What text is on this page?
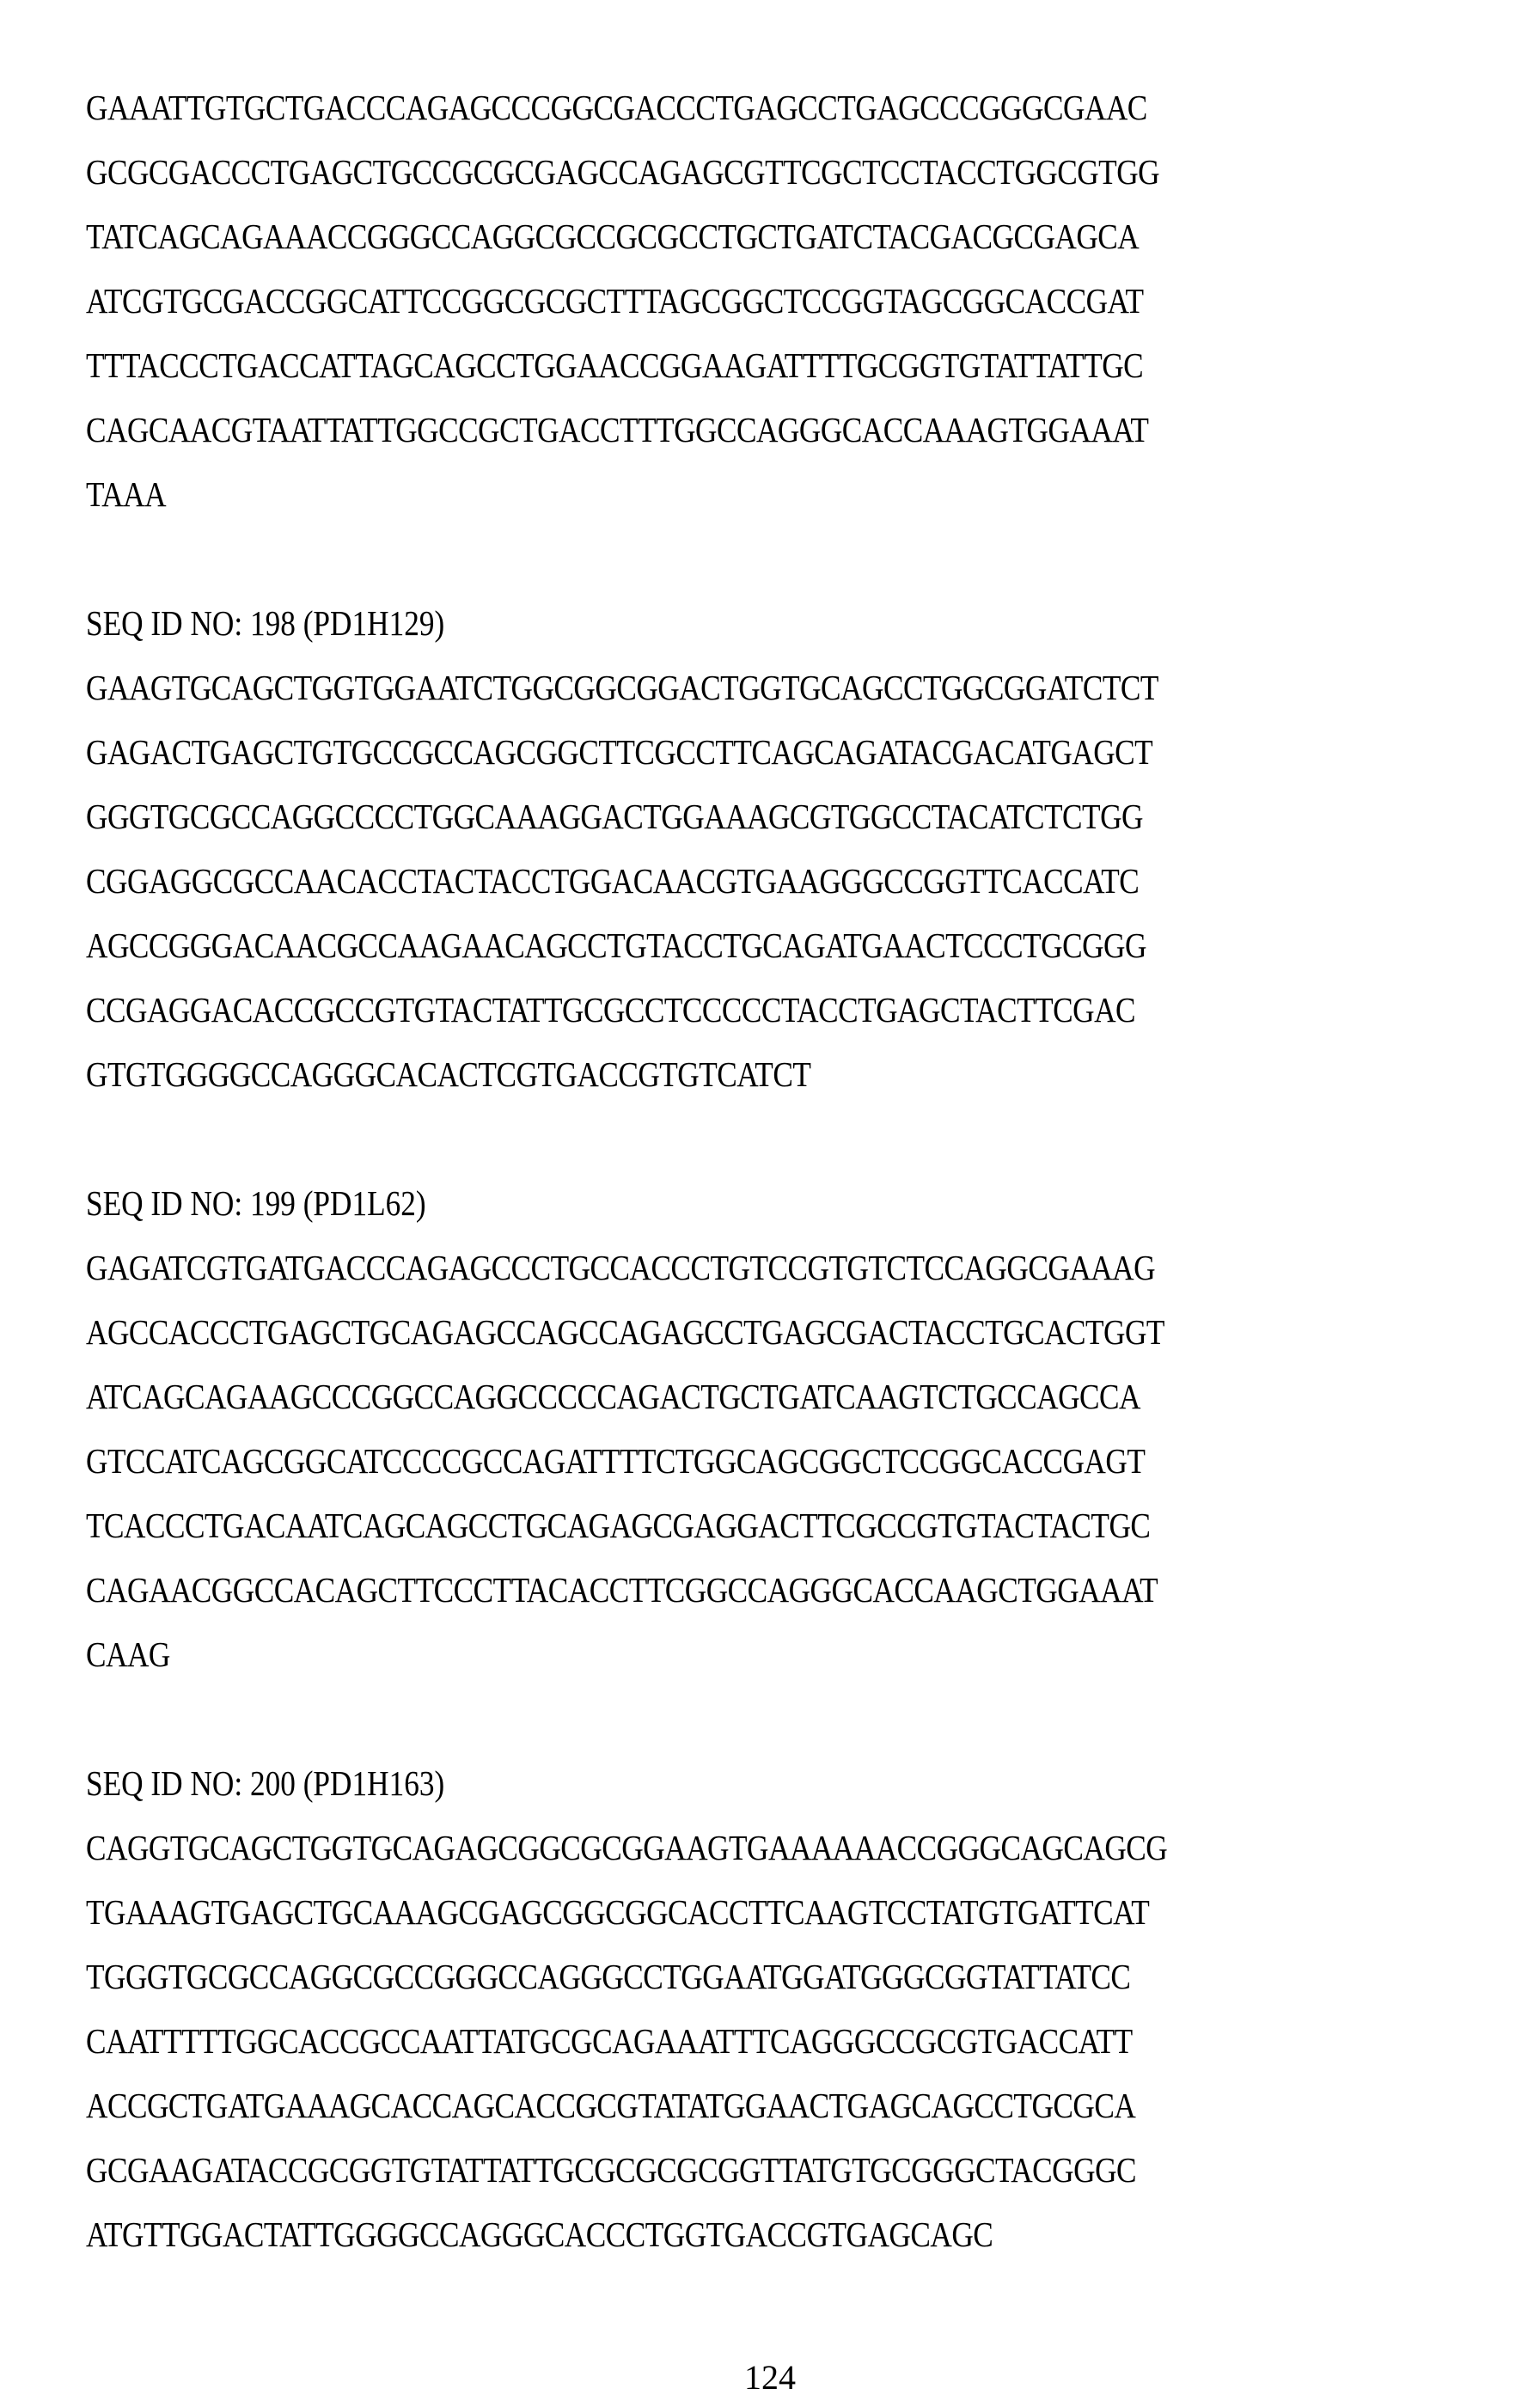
GAAATTGTGCTGACCCAGAGCCCGGCGACCCTGAGCCTGAGCCCGGGCGAAC
GCGCGACCCTGAGCTGCCGCGCGAGCCAGAGCGTTCGCTCCTACCTGGCGTGG
TATCAGCAGAAACCGGGCCAGGCGCCGCGCCTGCTGATCTACGACGCGAGCA
ATCGTGCGACCGGCATTCCGGCGCGCTTTAGCGGCTCCGGTAGCGGCACCGAT
TTTACCCTGACCATTAGCAGCCTGGAACCGGAAGATTTTGCGGTGTATTATTGC
CAGCAACGTAATTATTGGCCGCTGACCTTTGGCCAGGGCACCAAAGTGGAAAT
TAAA
SEQ ID NO: 198 (PD1H129)
GAAGTGCAGCTGGTGGAATCTGGCGGCGGACTGGTGCAGCCTGGCGGATCTCT
GAGACTGAGCTGTGCCGCCAGCGGCTTCGCCTTCAGCAGATACGACATGAGCT
GGGTGCGCCAGGCCCCTGGCAAAGGACTGGAAAGCGTGGCCTACATCTCTGG
CGGAGGCGCCAACACCTACTACCTGGACAACGTGAAGGGCCGGTTCACCATC
AGCCGGGACAACGCCAAGAACAGCCTGTACCTGCAGATGAACTCCCTGCGGG
CCGAGGACACCGCCGTGTACTATTGCGCCTCCCCCTACCTGAGCTACTTCGAC
GTGTGGGGCCAGGGCACACTCGTGACCGTGTCATCT
SEQ ID NO: 199 (PD1L62)
GAGATCGTGATGACCCAGAGCCCTGCCACCCTGTCCGTGTCTCCAGGCGAAAG
AGCCACCCTGAGCTGCAGAGCCAGCCAGAGCCTGAGCGACTACCTGCACTGGT
ATCAGCAGAAGCCCGGCCAGGCCCCCAGACTGCTGATCAAGTCTGCCAGCCA
GTCCATCAGCGGCATCCCCGCCAGATTTTCTGGCAGCGGCTCCGGCACCGAGT
TCACCCTGACAATCAGCAGCCTGCAGAGCGAGGACTTCGCCGTGTACTACTGC
CAGAACGGCCACAGCTTCCCTTACACCTTCGGCCAGGGCACCAAGCTGGAAAT
CAAG
SEQ ID NO: 200 (PD1H163)
CAGGTGCAGCTGGTGCAGAGCGGCGCGGAAGTGAAAAAACCGGGCAGCAGCG
TGAAAGTGAGCTGCAAAGCGAGCGGCGGCACCTTCAAGTCCTATGTGATTCAT
TGGGTGCGCCAGGCGCCGGGCCAGGGCCTGGAATGGATGGGCGGTATTATCC
CAATTTTTGGCACCGCCAATTATGCGCAGAAATTTCAGGGCCGCGTGACCATT
ACCGCTGATGAAAGCACCAGCACCGCGTATATGGAACTGAGCAGCCTGCGCA
GCGAAGATACCGCGGTGTATTATTGCGCGCGCGGTTATGTGCGGGCTACGGGC
ATGTTGGACTATTGGGGCCAGGGCACCCTGGTGACCGTGAGCAGC
124
